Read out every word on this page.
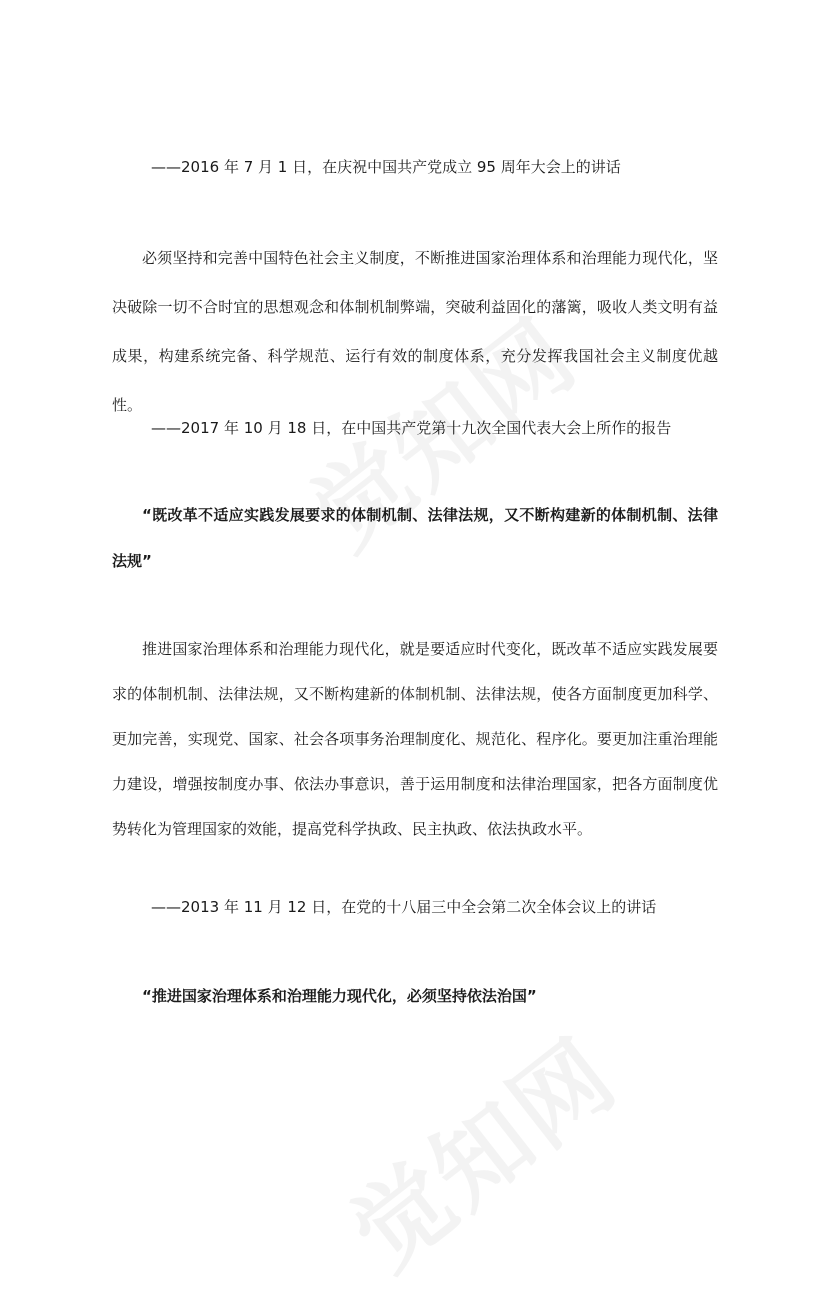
——2016 年 7 月 1 日，在庆祝中国共产党成立 95 周年大会上的讲话

必须坚持和完善中国特色社会主义制度，不断推进国家治理体系和治理能力现代化，坚决破除一切不合时宜的思想观念和体制机制弊端，突破利益固化的藩篱，吸收人类文明有益成果，构建系统完备、科学规范、运行有效的制度体系，充分发挥我国社会主义制度优越性。

——2017 年 10 月 18 日，在中国共产党第十九次全国代表大会上所作的报告

“既改革不适应实践发展要求的体制机制、法律法规，又不断构建新的体制机制、法律法规”

推进国家治理体系和治理能力现代化，就是要适应时代变化，既改革不适应实践发展要求的体制机制、法律法规，又不断构建新的体制机制、法律法规，使各方面制度更加科学、更加完善，实现党、国家、社会各项事务治理制度化、规范化、程序化。要更加注重治理能力建设，增强按制度办事、依法办事意识，善于运用制度和法律治理国家，把各方面制度优势转化为管理国家的效能，提高党科学执政、民主执政、依法执政水平。

——2013 年 11 月 12 日，在党的十八届三中全会第二次全体会议上的讲话

“推进国家治理体系和治理能力现代化，必须坚持依法治国”
